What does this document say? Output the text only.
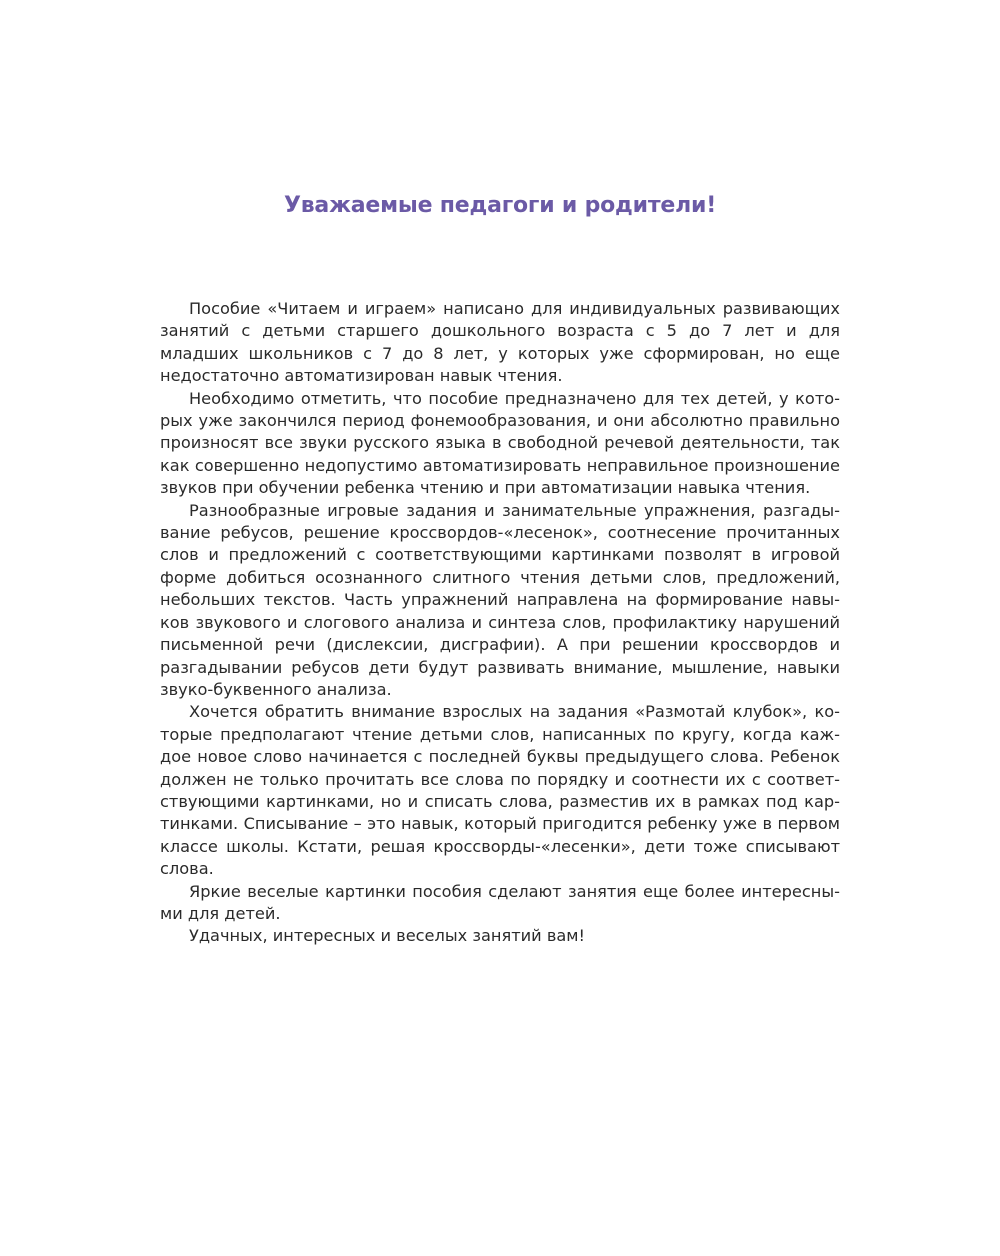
Уважаемые педагоги и родители!

Пособие «Читаем и играем» написано для индивидуальных развивающих занятий с детьми старшего дошкольного возраста с 5 до 7 лет и для младших школьников с 7 до 8 лет, у которых уже сформирован, но еще недостаточно автоматизирован навык чтения.

Необходимо отметить, что пособие предназначено для тех детей, у которых уже закончился период фонемообразования, и они абсолютно правильно произносят все звуки русского языка в свободной речевой деятельности, так как совершенно недопустимо автоматизировать неправильное произношение звуков при обучении ребенка чтению и при автоматизации навыка чтения.

Разнообразные игровые задания и занимательные упражнения, разгадывание ребусов, решение кроссвордов-«лесенок», соотнесение прочитанных слов и предложений с соответствующими картинками позволят в игровой форме добиться осознанного слитного чтения детьми слов, предложений, небольших текстов. Часть упражнений направлена на формирование навыков звукового и слогового анализа и синтеза слов, профилактику нарушений письменной речи (дислексии, дисграфии). А при решении кроссвордов и разгадывании ребусов дети будут развивать внимание, мышление, навыки звуко-буквенного анализа.

Хочется обратить внимание взрослых на задания «Размотай клубок», которые предполагают чтение детьми слов, написанных по кругу, когда каждое новое слово начинается с последней буквы предыдущего слова. Ребенок должен не только прочитать все слова по порядку и соотнести их с соответствующими картинками, но и списать слова, разместив их в рамках под картинками. Списывание – это навык, который пригодится ребенку уже в первом классе школы. Кстати, решая кроссворды-«лесенки», дети тоже списывают слова.

Яркие веселые картинки пособия сделают занятия еще более интересными для детей.

Удачных, интересных и веселых занятий вам!
